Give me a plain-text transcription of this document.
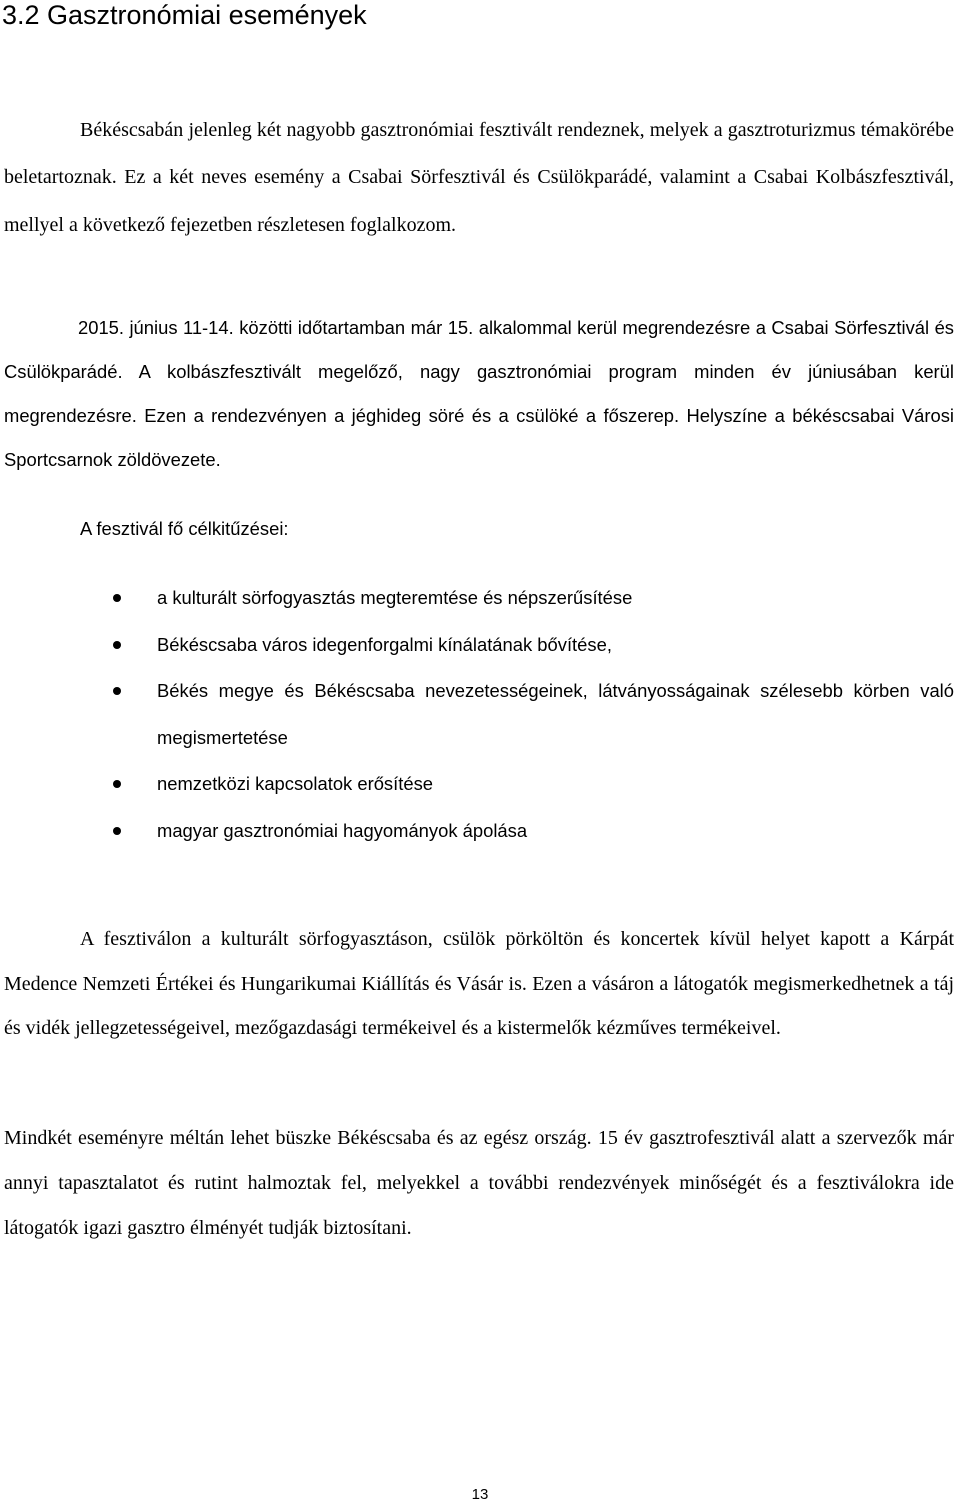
3.2 Gasztronómiai események

Békéscsabán jelenleg két nagyobb gasztronómiai fesztivált rendeznek, melyek a gasztroturizmus témakörébe beletartoznak. Ez a két neves esemény a Csabai Sörfesztivál és Csülökparádé, valamint a Csabai Kolbászfesztivál, mellyel a következő fejezetben részletesen foglalkozom.

2015. június 11-14. közötti időtartamban már 15. alkalommal kerül megrendezésre a Csabai Sörfesztivál és Csülökparádé. A kolbászfesztivált megelőző, nagy gasztronómiai program minden év júniusában kerül megrendezésre. Ezen a rendezvényen a jéghideg söré és a csülöké a főszerep. Helyszíne a békéscsabai Városi Sportcsarnok zöldövezete.

A fesztivál fő célkitűzései:

a kulturált sörfogyasztás megteremtése és népszerűsítése
Békéscsaba város idegenforgalmi kínálatának bővítése,
Békés megye és Békéscsaba nevezetességeinek, látványosságainak szélesebb körben való megismertetése
nemzetközi kapcsolatok erősítése
magyar gasztronómiai hagyományok ápolása

A fesztiválon a kulturált sörfogyasztáson, csülök pörköltön és koncertek kívül helyet kapott a Kárpát Medence Nemzeti Értékei és Hungarikumai Kiállítás és Vásár is. Ezen a vásáron a látogatók megismerkedhetnek a táj és vidék jellegzetességeivel, mezőgazdasági termékeivel és a kistermelők kézműves termékeivel.

Mindkét eseményre méltán lehet büszke Békéscsaba és az egész ország. 15 év gasztrofesztivál alatt a szervezők már annyi tapasztalatot és rutint halmoztak fel, melyekkel a további rendezvények minőségét és a fesztiválokra ide látogatók igazi gasztro élményét tudják biztosítani.

13
